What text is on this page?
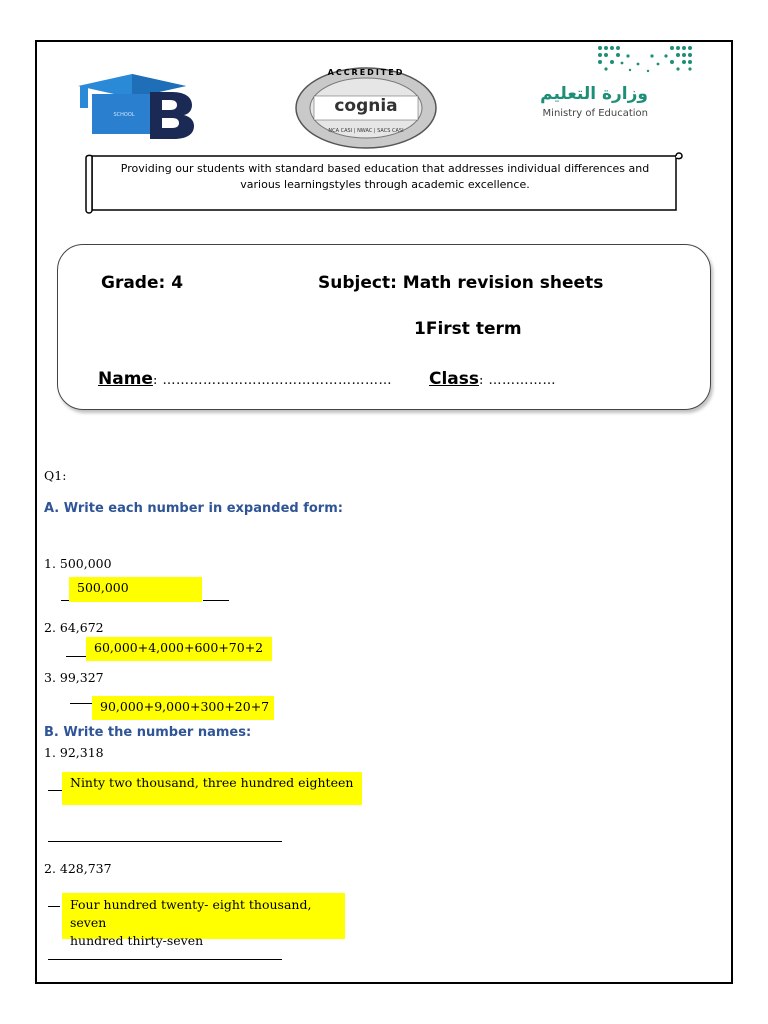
SCHOOL
ACCREDITED
cognia
NCA CASI | NWAC | SACS CASI
وزارة التعليم
Ministry of Education
Providing our students with standard based education that addresses individual differences and various learningstyles through academic excellence.
Grade: 4	Subject: Math revision sheets
1First term
Name: …………………………………………… Class: ……………
Q1:
A. Write each number in expanded form:
1. 500,000
500,000
2. 64,672
60,000+4,000+600+70+2
3. 99,327
90,000+9,000+300+20+7
B. Write the number names:
1. 92,318
Ninty two thousand, three hundred eighteen
2. 428,737
Four hundred twenty- eight thousand, seven
hundred thirty-seven
